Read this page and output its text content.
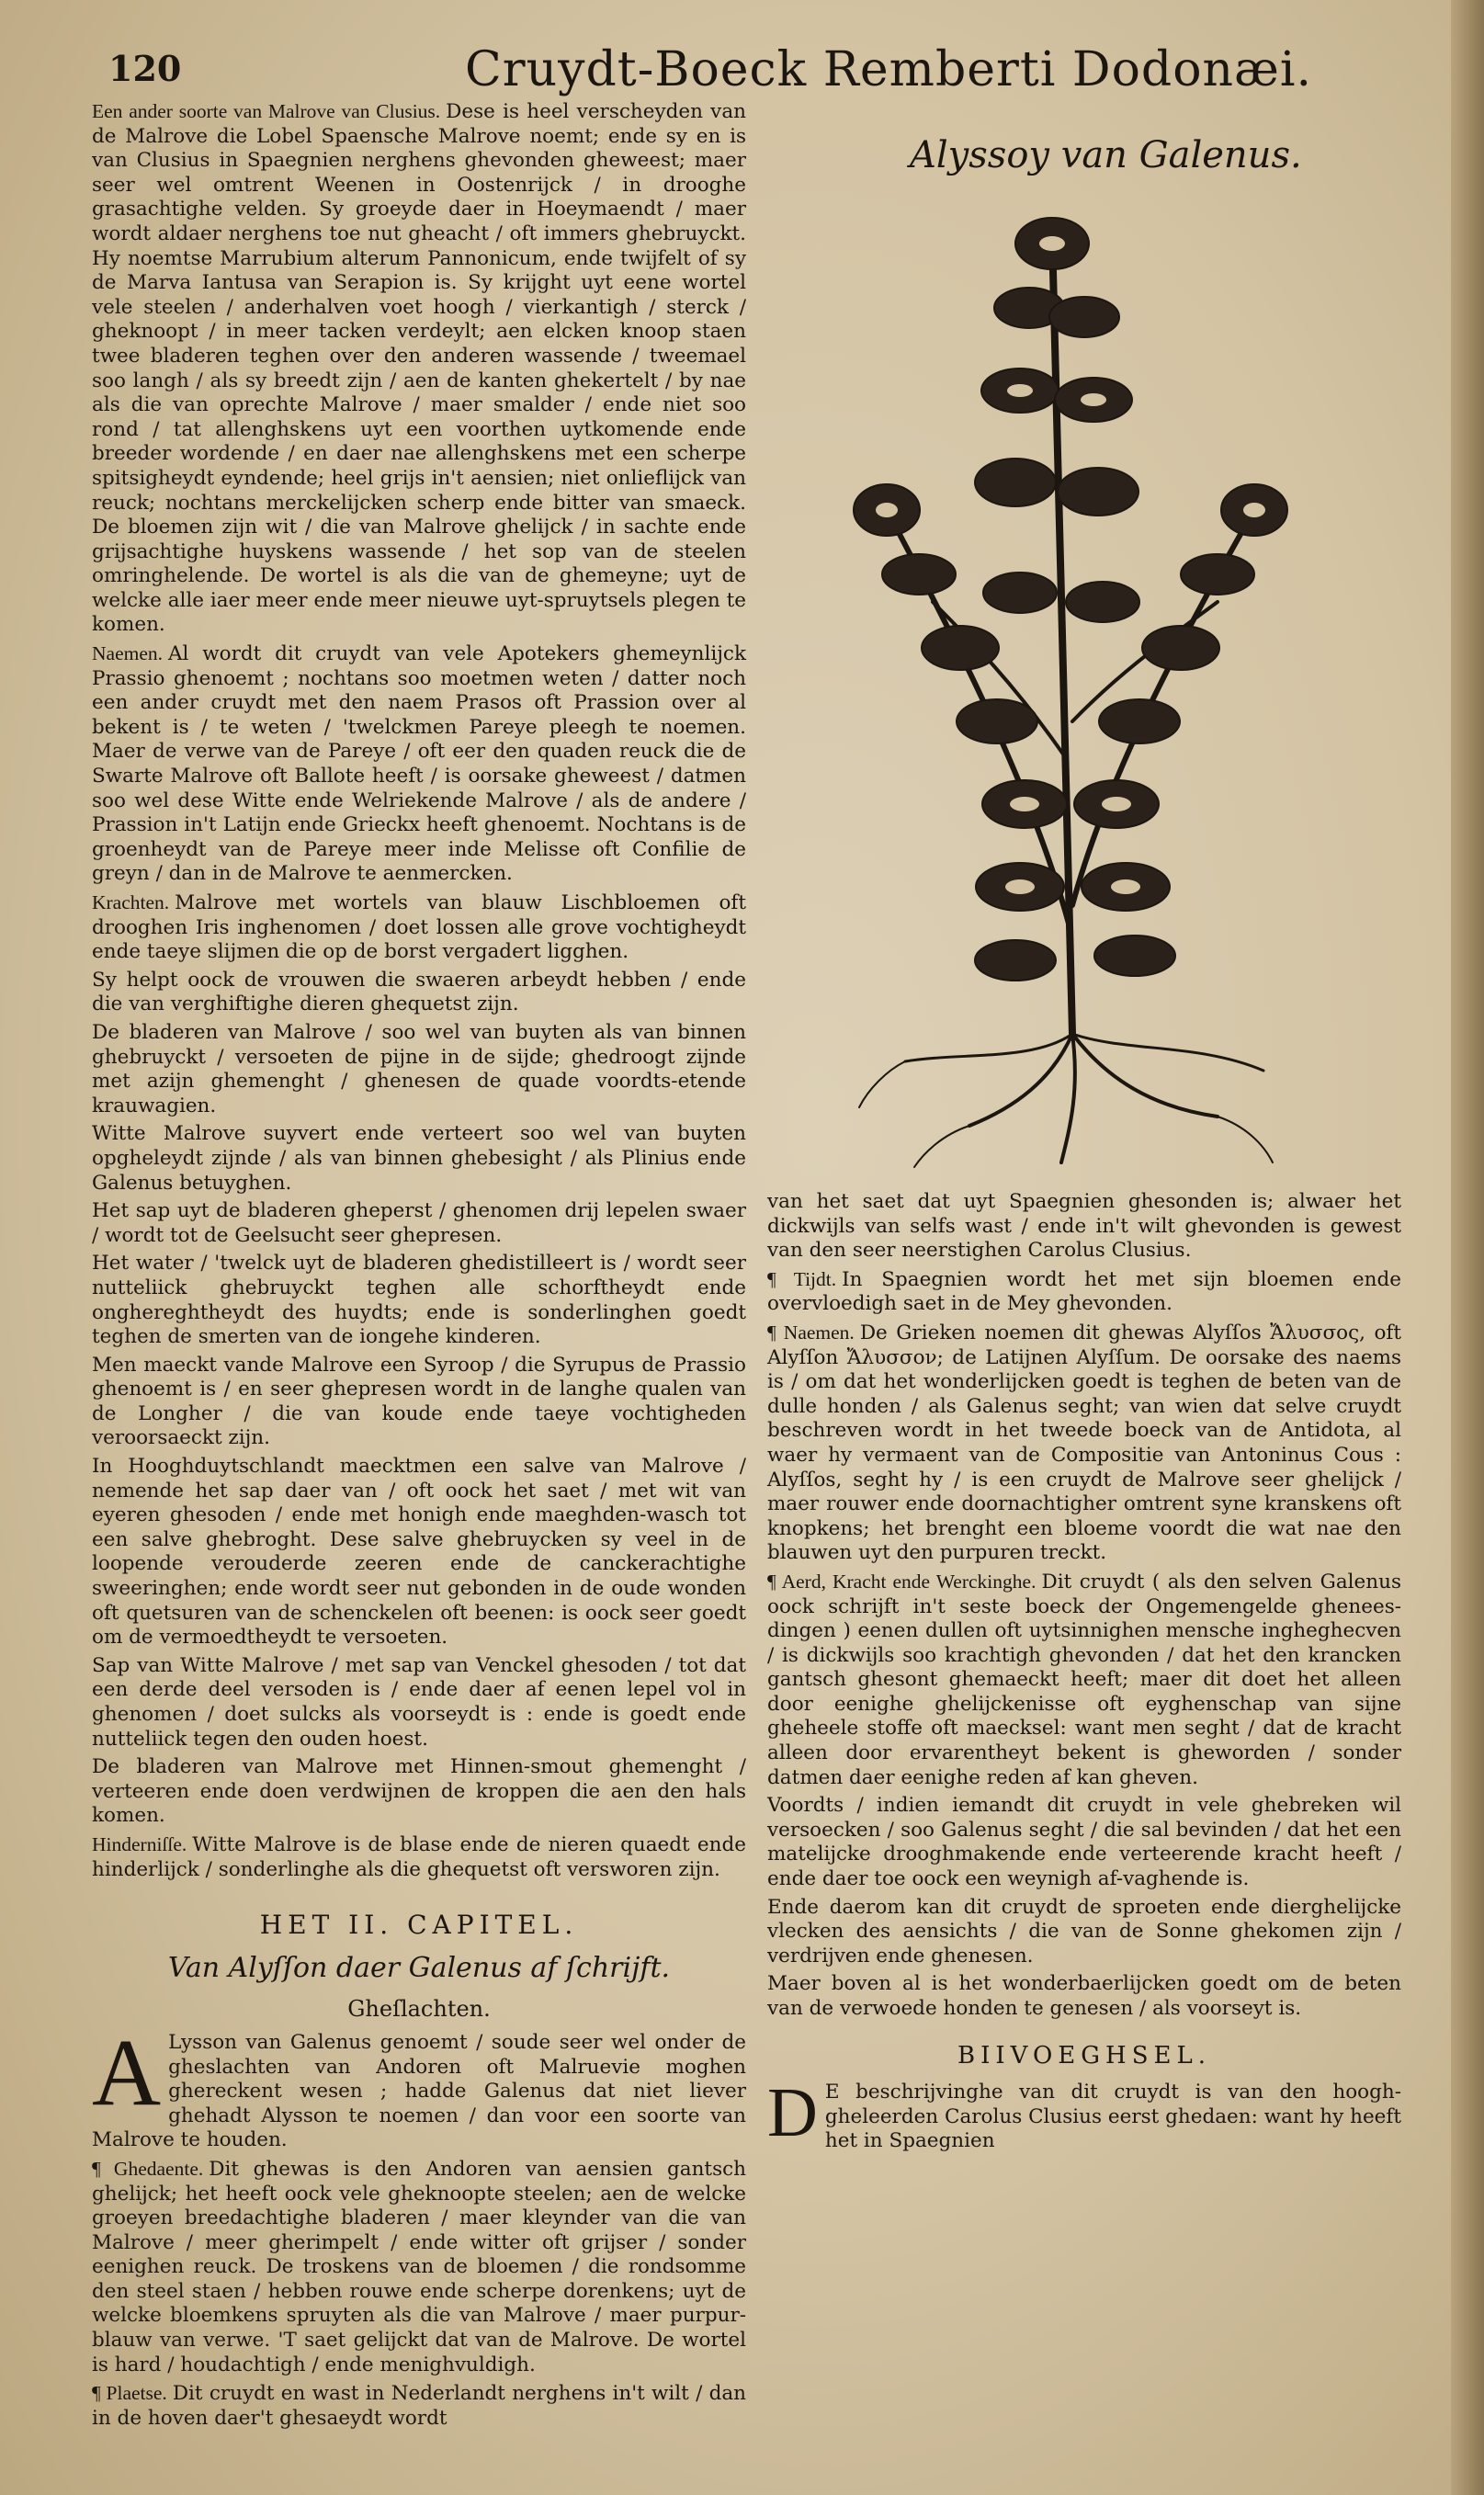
120	Cruydt-Boeck Remberti Dodonæi.

Een ander soorte van Malrove van Clusius. Dese is heel verscheyden van de Malrove die Lobel Spaensche Malrove noemt; ende sy en is van Clusius in Spaegnien nerghens ghevonden gheweest; maer seer wel omtrent Weenen in Oostenrijck / in drooghe grasachtighe velden. Sy groeyde daer in Hoeymaendt / maer wordt aldaer nerghens toe nut gheacht / oft immers ghebruyckt. Hy noemtse Marrubium alterum Pannonicum, ende twijfelt of sy de Marva Iantusa van Serapion is. Sy krijght uyt eene wortel vele steelen / anderhalven voet hoogh / vierkantigh / sterck / gheknoopt / in meer tacken verdeylt; aen elcken knoop staen twee bladeren teghen over den anderen wassende / tweemael soo langh / als sy breedt zijn / aen de kanten ghekertelt / by nae als die van oprechte Malrove / maer smalder / ende niet soo rond / tat allenghskens uyt een voorthen uytkomende ende breeder wordende / en daer nae allenghskens met een scherpe spitsigheydt eyndende; heel grijs in't aensien; niet onlieflijck van reuck; nochtans merckelijcken scherp ende bitter van smaeck. De bloemen zijn wit / die van Malrove ghelijck / in sachte ende grijsachtighe huyskens wassende / het sop van de steelen omringhelende. De wortel is als die van de ghemeyne; uyt de welcke alle iaer meer ende meer nieuwe uyt-spruytsels plegen te komen.

Naemen. Al wordt dit cruydt van vele Apotekers ghemeynlijck Prassio ghenoemt ; nochtans soo moetmen weten / datter noch een ander cruydt met den naem Prasos oft Prassion over al bekent is / te weten / 'twelckmen Pareye pleegh te noemen. Maer de verwe van de Pareye / oft eer den quaden reuck die de Swarte Malrove oft Ballote heeft / is oorsake gheweest / datmen soo wel dese Witte ende Welriekende Malrove / als de andere / Prassion in't Latijn ende Grieckx heeft ghenoemt. Nochtans is de groenheydt van de Pareye meer inde Melisse oft Confilie de greyn / dan in de Malrove te aenmercken.

Krachten. Malrove met wortels van blauw Lischbloemen oft drooghen Iris inghenomen / doet lossen alle grove vochtigheydt ende taeye slijmen die op de borst vergadert ligghen.

Sy helpt oock de vrouwen die swaeren arbeydt hebben / ende die van verghiftighe dieren ghequetst zijn.

De bladeren van Malrove / soo wel van buyten als van binnen ghebruyckt / versoeten de pijne in de sijde; ghedroogt zijnde met azijn ghemenght / ghenesen de quade voordts-etende krauwagien.

Witte Malrove suyvert ende verteert soo wel van buyten opgheleydt zijnde / als van binnen ghebesight / als Plinius ende Galenus betuyghen.

Het sap uyt de bladeren gheperst / ghenomen drij lepelen swaer / wordt tot de Geelsucht seer ghepresen.

Het water / 'twelck uyt de bladeren ghedistilleert is / wordt seer nutteliick ghebruyckt teghen alle schorftheydt ende onghereghtheydt des huydts; ende is sonderlinghen goedt teghen de smerten van de iongehe kinderen.

Men maeckt vande Malrove een Syroop / die Syrupus de Prassio ghenoemt is / en seer ghepresen wordt in de langhe qualen van de Longher / die van koude ende taeye vochtigheden veroorsaeckt zijn.

In Hooghduytschlandt maecktmen een salve van Malrove / nemende het sap daer van / oft oock het saet / met wit van eyeren ghesoden / ende met honigh ende maeghden-wasch tot een salve ghebroght. Dese salve ghebruycken sy veel in de loopende verouderde zeeren ende de canckerachtighe sweeringhen; ende wordt seer nut gebonden in de oude wonden oft quetsuren van de schenckelen oft beenen: is oock seer goedt om de vermoedtheydt te versoeten.

Sap van Witte Malrove / met sap van Venckel ghesoden / tot dat een derde deel versoden is / ende daer af eenen lepel vol in ghenomen / doet sulcks als voorseydt is : ende is goedt ende nutteliick tegen den ouden hoest.

De bladeren van Malrove met Hinnen-smout ghemenght / verteeren ende doen verdwijnen de kroppen die aen den hals komen.

Hinderniſſe. Witte Malrove is de blase ende de nieren quaedt ende hinderlijck / sonderlinghe als die ghequetst oft versworen zijn.

HET II. CAPITEL.
Van Alyſſon daer Galenus af ſchrijft.
Gheſlachten.

A Lysson van Galenus genoemt / soude seer wel onder de gheslachten van Andoren oft Malruevie moghen ghereckent wesen ; hadde Galenus dat niet liever ghehadt Alysson te noemen / dan voor een soorte van Malrove te houden.

¶ Ghedaente. Dit ghewas is den Andoren van aensien gantsch ghelijck; het heeft oock vele gheknoopte steelen; aen de welcke groeyen breedachtighe bladeren / maer kleynder van die van Malrove / meer gherimpelt / ende witter oft grijser / sonder eenighen reuck. De troskens van de bloemen / die rondsomme den steel staen / hebben rouwe ende scherpe dorenkens; uyt de welcke bloemkens spruyten als die van Malrove / maer purpur-blauw van verwe. 'T saet gelijckt dat van de Malrove. De wortel is hard / houdachtigh / ende menighvuldigh.

¶ Plaetse. Dit cruydt en wast in Nederlandt nerghens in't wilt / dan in de hoven daer't ghesaeydt wordt

Alyssoy van Galenus.

van het saet dat uyt Spaegnien ghesonden is; alwaer het dickwijls van selfs wast / ende in't wilt ghevonden is gewest van den seer neerstighen Carolus Clusius.

¶ Tijdt. In Spaegnien wordt het met sijn bloemen ende overvloedigh saet in de Mey ghevonden.

¶ Naemen. De Grieken noemen dit ghewas Alyſſos Ἄλυσσος, oft Alyſſon Ἄλυσσον; de Latijnen Alyſſum. De oorsake des naems is / om dat het wonderlijcken goedt is teghen de beten van de dulle honden / als Galenus seght; van wien dat selve cruydt beschreven wordt in het tweede boeck van de Antidota, al waer hy vermaent van de Compositie van Antoninus Cous : Alyſſos, seght hy / is een cruydt de Malrove seer ghelijck / maer rouwer ende doornachtigher omtrent syne kranskens oft knopkens; het brenght een bloeme voordt die wat nae den blauwen uyt den purpuren treckt.

¶ Aerd, Kracht ende Werckinghe. Dit cruydt ( als den selven Galenus oock schrijft in't seste boeck der Ongemengelde ghenees-dingen ) eenen dullen oft uytsinnighen mensche ingheghecven / is dickwijls soo krachtigh ghevonden / dat het den krancken gantsch ghesont ghemaeckt heeft; maer dit doet het alleen door eenighe ghelijckenisse oft eyghenschap van sijne gheheele stoffe oft maecksel: want men seght / dat de kracht alleen door ervarentheyt bekent is gheworden / sonder datmen daer eenighe reden af kan gheven.

Voordts / indien iemandt dit cruydt in vele ghebreken wil versoecken / soo Galenus seght / die sal bevinden / dat het een matelijcke drooghmakende ende verteerende kracht heeft / ende daer toe oock een weynigh af-vaghende is.

Ende daerom kan dit cruydt de sproeten ende dierghelijcke vlecken des aensichts / die van de Sonne ghekomen zijn / verdrijven ende ghenesen.

Maer boven al is het wonderbaerlijcken goedt om de beten van de verwoede honden te genesen / als voorseyt is.

BIIVOEGHSEL.

D E beschrijvinghe van dit cruydt is van den hoogh-gheleerden Carolus Clusius eerst ghedaen: want hy heeft het in Spaegnien
